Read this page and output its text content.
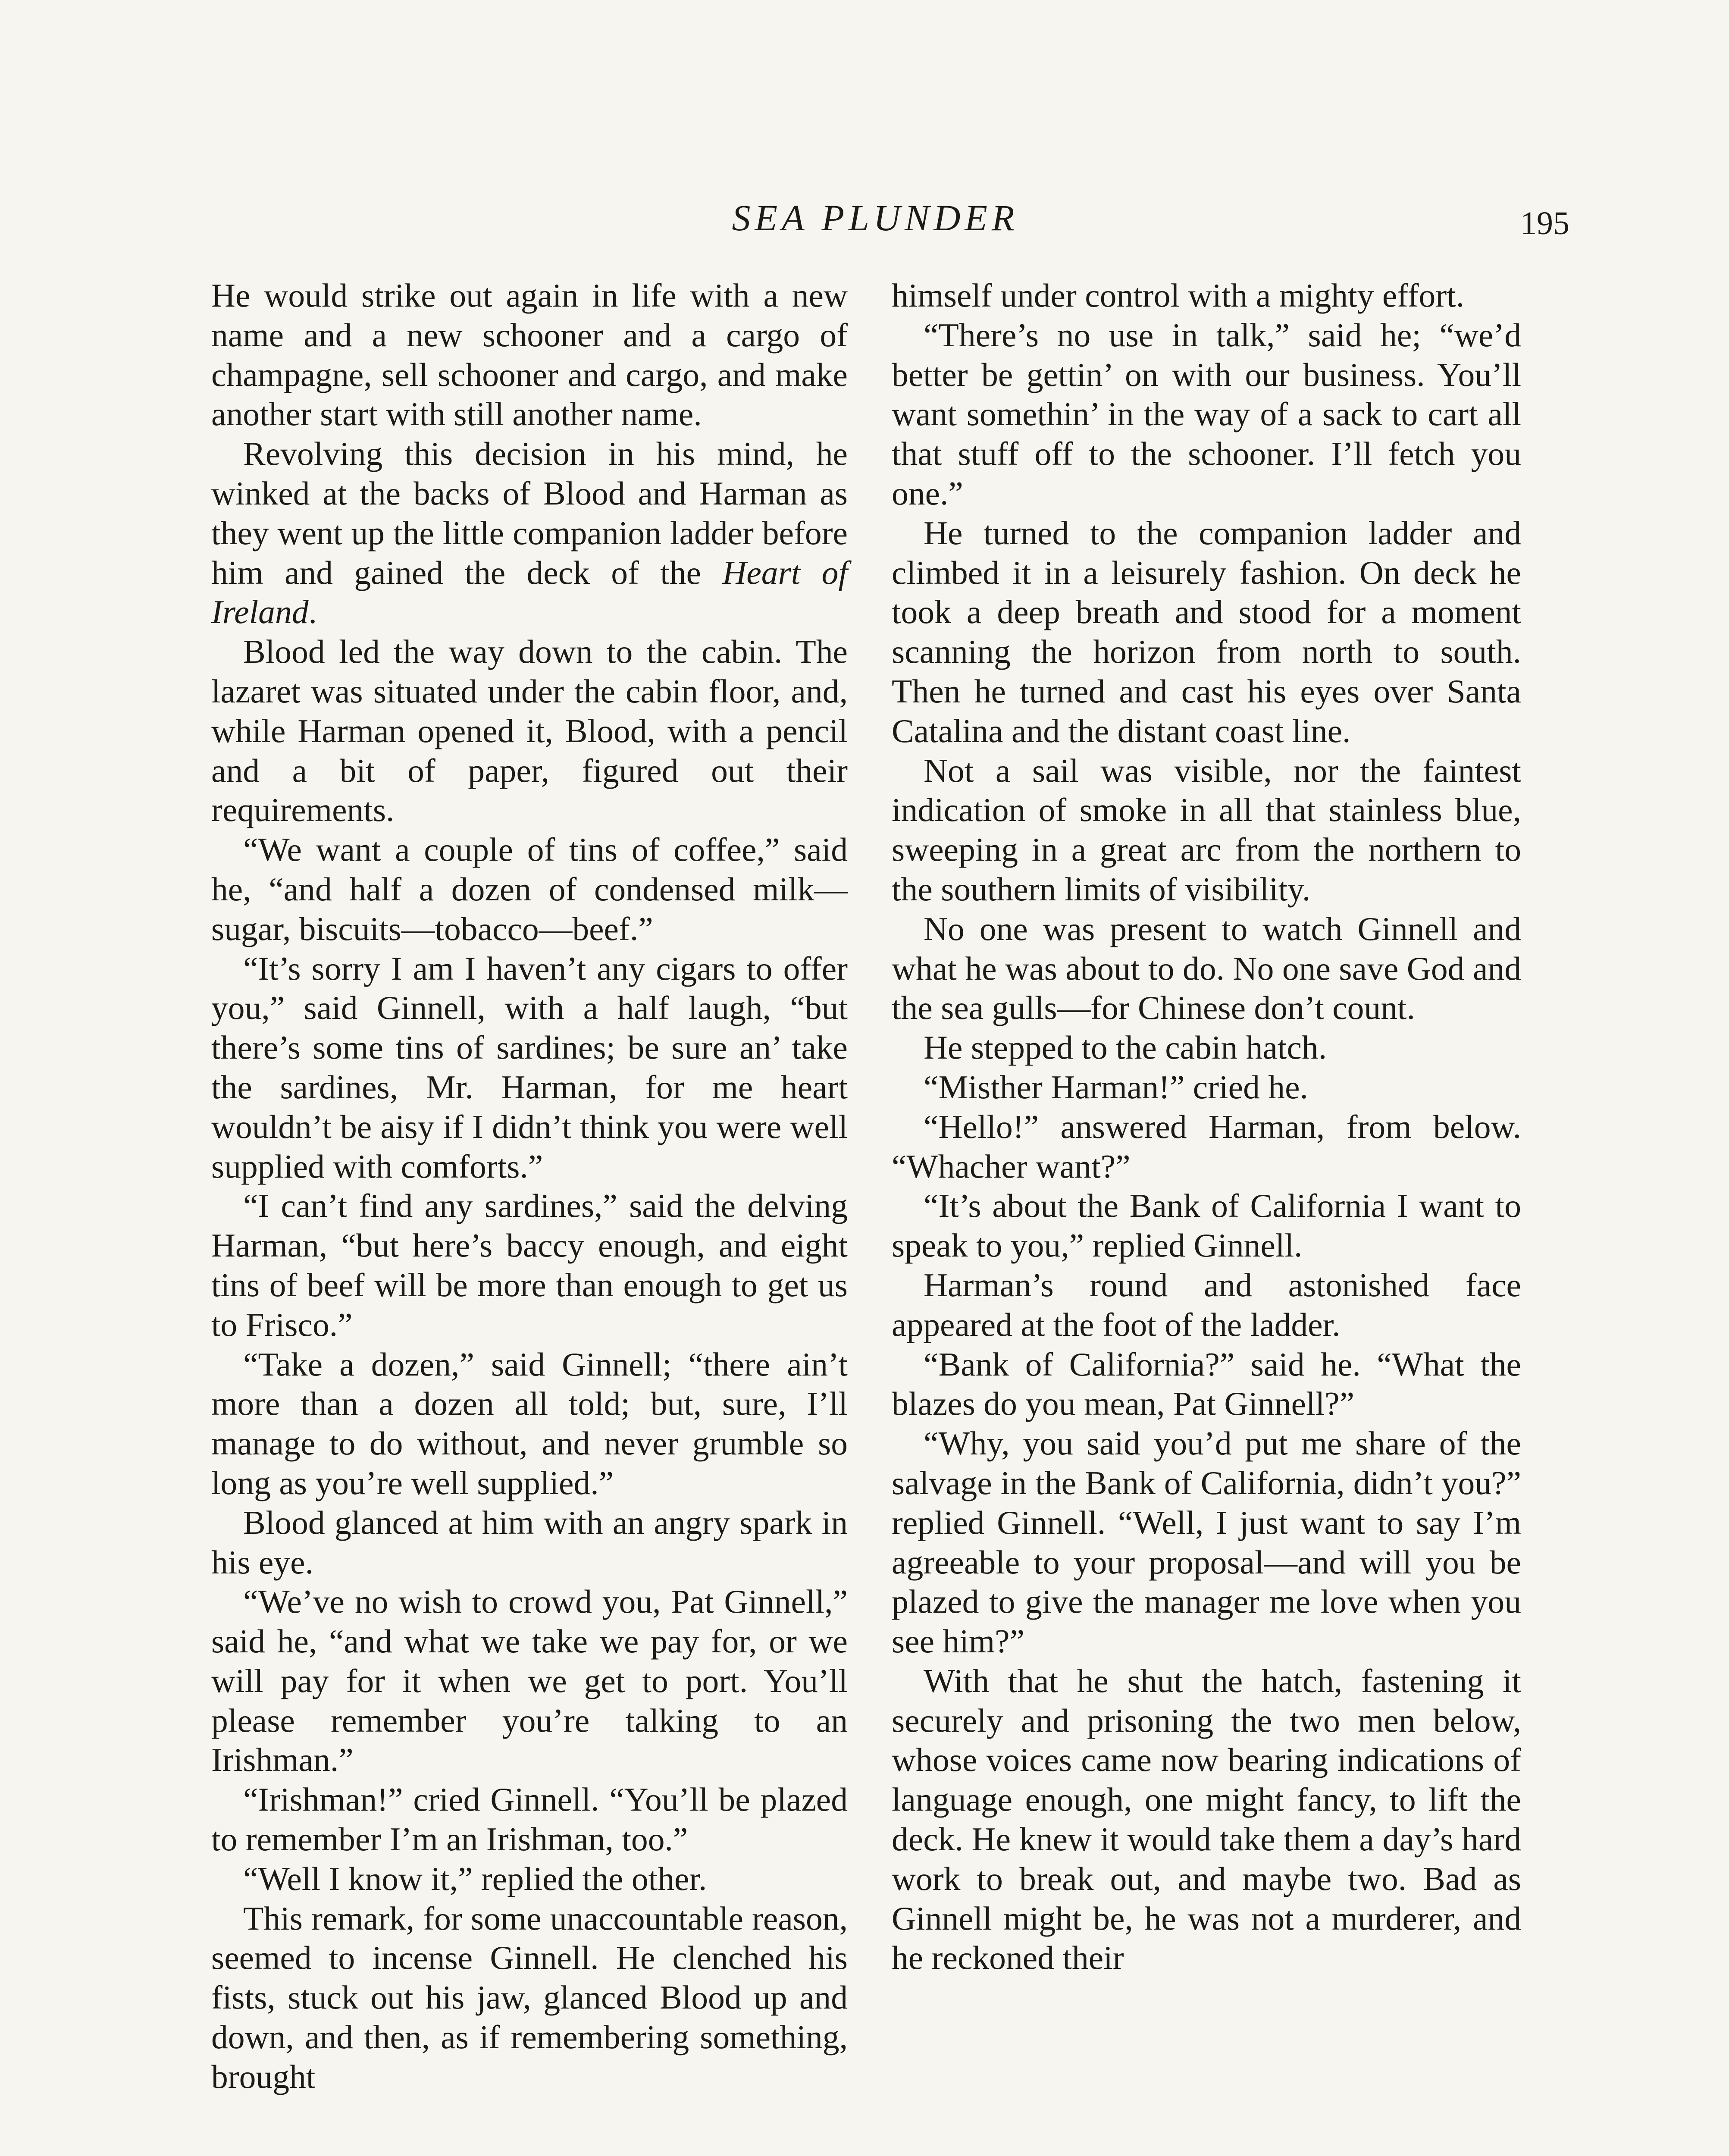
SEA PLUNDER	195

He would strike out again in life with a new name and a new schooner and a cargo of champagne, sell schooner and cargo, and make another start with still another name.

Revolving this decision in his mind, he winked at the backs of Blood and Harman as they went up the little companion ladder before him and gained the deck of the Heart of Ireland.

Blood led the way down to the cabin. The lazaret was situated under the cabin floor, and, while Harman opened it, Blood, with a pencil and a bit of paper, figured out their requirements.

“We want a couple of tins of coffee,” said he, “and half a dozen of condensed milk—sugar, biscuits—tobacco—beef.”

“It’s sorry I am I haven’t any cigars to offer you,” said Ginnell, with a half laugh, “but there’s some tins of sardines; be sure an’ take the sardines, Mr. Harman, for me heart wouldn’t be aisy if I didn’t think you were well supplied with comforts.”

“I can’t find any sardines,” said the delving Harman, “but here’s baccy enough, and eight tins of beef will be more than enough to get us to Frisco.”

“Take a dozen,” said Ginnell; “there ain’t more than a dozen all told; but, sure, I’ll manage to do without, and never grumble so long as you’re well supplied.”

Blood glanced at him with an angry spark in his eye.

“We’ve no wish to crowd you, Pat Ginnell,” said he, “and what we take we pay for, or we will pay for it when we get to port. You’ll please remember you’re talking to an Irishman.”

“Irishman!” cried Ginnell. “You’ll be plazed to remember I’m an Irishman, too.”

“Well I know it,” replied the other.

This remark, for some unaccountable reason, seemed to incense Ginnell. He clenched his fists, stuck out his jaw, glanced Blood up and down, and then, as if remembering something, brought

himself under control with a mighty effort.

“There’s no use in talk,” said he; “we’d better be gettin’ on with our business. You’ll want somethin’ in the way of a sack to cart all that stuff off to the schooner. I’ll fetch you one.”

He turned to the companion ladder and climbed it in a leisurely fashion. On deck he took a deep breath and stood for a moment scanning the horizon from north to south. Then he turned and cast his eyes over Santa Catalina and the distant coast line.

Not a sail was visible, nor the faintest indication of smoke in all that stainless blue, sweeping in a great arc from the northern to the southern limits of visibility.

No one was present to watch Ginnell and what he was about to do. No one save God and the sea gulls—for Chinese don’t count.

He stepped to the cabin hatch.

“Misther Harman!” cried he.

“Hello!” answered Harman, from below. “Whacher want?”

“It’s about the Bank of California I want to speak to you,” replied Ginnell.

Harman’s round and astonished face appeared at the foot of the ladder.

“Bank of California?” said he. “What the blazes do you mean, Pat Ginnell?”

“Why, you said you’d put me share of the salvage in the Bank of California, didn’t you?” replied Ginnell. “Well, I just want to say I’m agreeable to your proposal—and will you be plazed to give the manager me love when you see him?”

With that he shut the hatch, fastening it securely and prisoning the two men below, whose voices came now bearing indications of language enough, one might fancy, to lift the deck. He knew it would take them a day’s hard work to break out, and maybe two. Bad as Ginnell might be, he was not a murderer, and he reckoned their
